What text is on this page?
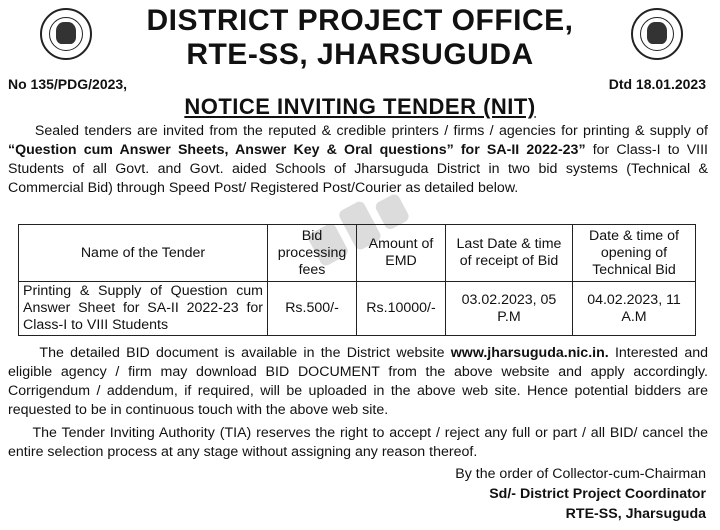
DISTRICT PROJECT OFFICE,
RTE-SS, JHARSUGUDA
No 135/PDG/2023,	Dtd 18.01.2023
NOTICE INVITING TENDER (NIT)

Sealed tenders are invited from the reputed & credible printers / firms / agencies for printing & supply of “Question cum Answer Sheets, Answer Key & Oral questions” for SA-II 2022-23” for Class-I to VIII Students of all Govt. and Govt. aided Schools of Jharsuguda District in two bid systems (Technical & Commercial Bid) through Speed Post/ Registered Post/Courier as detailed below.

Name of the Tender	Bid processing fees	Amount of EMD	Last Date & time of receipt of Bid	Date & time of opening of Technical Bid
Printing & Supply of Question cum Answer Sheet for SA-II 2022-23 for Class-I to VIII Students	Rs.500/-	Rs.10000/-	03.02.2023, 05 P.M	04.02.2023, 11 A.M

The detailed BID document is available in the District website www.jharsuguda.nic.in. Interested and eligible agency / firm may download BID DOCUMENT from the above website and apply accordingly. Corrigendum / addendum, if required, will be uploaded in the above web site. Hence potential bidders are requested to be in continuous touch with the above web site.

The Tender Inviting Authority (TIA) reserves the right to accept / reject any full or part / all BID/ cancel the entire selection process at any stage without assigning any reason thereof.

By the order of Collector-cum-Chairman
Sd/- District Project Coordinator
RTE-SS, Jharsuguda
